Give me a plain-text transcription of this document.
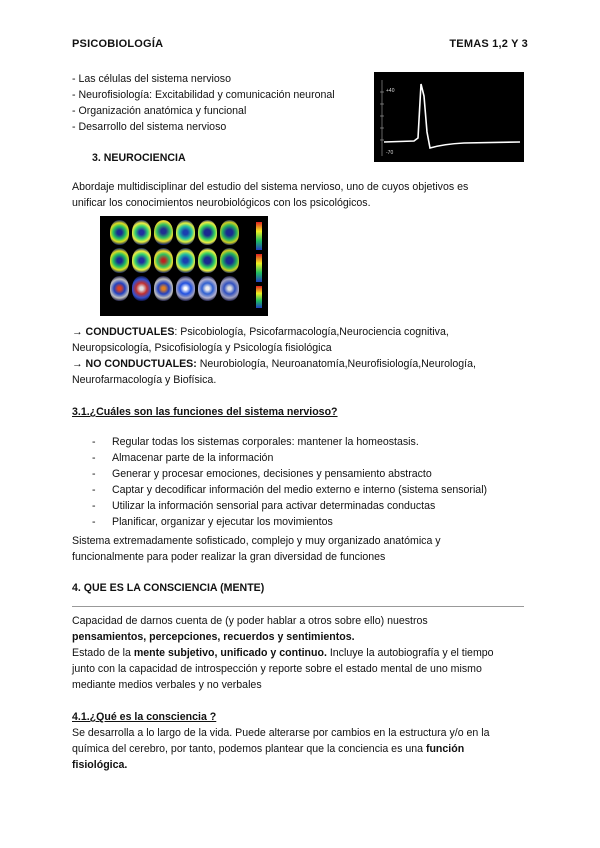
PSICOBIOLOGÍA	TEMAS 1,2 Y 3
- Las células del sistema nervioso
- Neurofisiología: Excitabilidad y comunicación neuronal
- Organización anatómica y funcional
- Desarrollo del sistema nervioso
+40
-70
3. NEUROCIENCIA
Abordaje multidisciplinar del estudio del sistema nervioso, uno de cuyos objetivos es
unificar los conocimientos neurobiológicos con los psicológicos.
→ CONDUCTUALES: Psicobiología, Psicofarmacología,Neurociencia cognitiva,
Neuropsicología, Psicofisiología y Psicología fisiológica
→ NO CONDUCTUALES: Neurobiología, Neuroanatomía,Neurofisiología,Neurología,
Neurofarmacología y Biofísica.
3.1.¿Cuáles son las funciones del sistema nervioso?
- Regular todas los sistemas corporales: mantener la homeostasis.
- Almacenar parte de la información
- Generar y procesar emociones, decisiones y pensamiento abstracto
- Captar y decodificar información del medio externo e interno (sistema sensorial)
- Utilizar la información sensorial para activar determinadas conductas
- Planificar, organizar y ejecutar los movimientos
Sistema extremadamente sofisticado, complejo y muy organizado anatómica y
funcionalmente para poder realizar la gran diversidad de funciones
4. QUE ES LA CONSCIENCIA (MENTE)
Capacidad de darnos cuenta de (y poder hablar a otros sobre ello) nuestros
pensamientos, percepciones, recuerdos y sentimientos.
Estado de la mente subjetivo, unificado y continuo. Incluye la autobiografía y el tiempo
junto con la capacidad de introspección y reporte sobre el estado mental de uno mismo
mediante medios verbales y no verbales
4.1.¿Qué es la consciencia ?
Se desarrolla a lo largo de la vida. Puede alterarse por cambios en la estructura y/o en la
química del cerebro, por tanto, podemos plantear que la conciencia es una función
fisiológica.
